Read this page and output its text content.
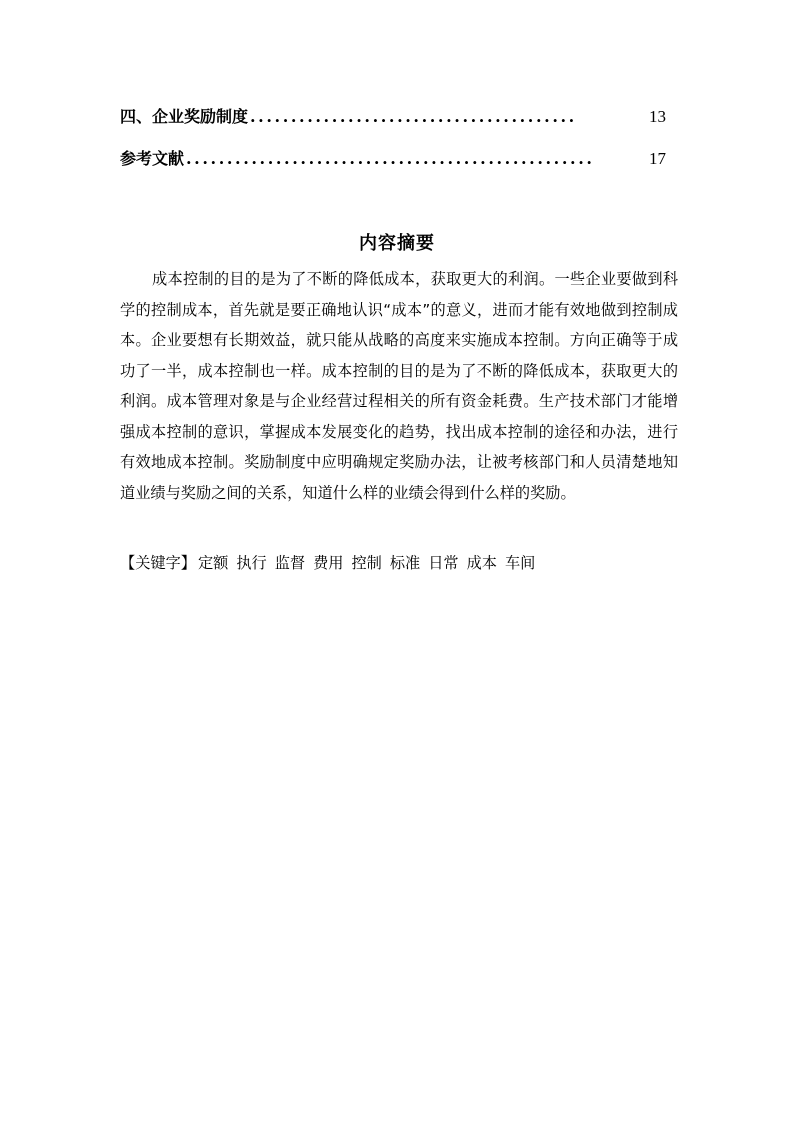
四、企业奖励制度 ........................................	13
参考文献 ..................................................	17
内容摘要

成本控制的目的是为了不断的降低成本，获取更大的利润。一些企业要做到科学的控制成本，首先就是要正确地认识“成本”的意义，进而才能有效地做到控制成本。企业要想有长期效益，就只能从战略的高度来实施成本控制。方向正确等于成功了一半，成本控制也一样。成本控制的目的是为了不断的降低成本，获取更大的利润。成本管理对象是与企业经营过程相关的所有资金耗费。生产技术部门才能增强成本控制的意识，掌握成本发展变化的趋势，找出成本控制的途径和办法，进行有效地成本控制。奖励制度中应明确规定奖励办法，让被考核部门和人员清楚地知道业绩与奖励之间的关系，知道什么样的业绩会得到什么样的奖励。

【关键字】 定额 执行 监督 费用 控制 标准 日常 成本 车间
